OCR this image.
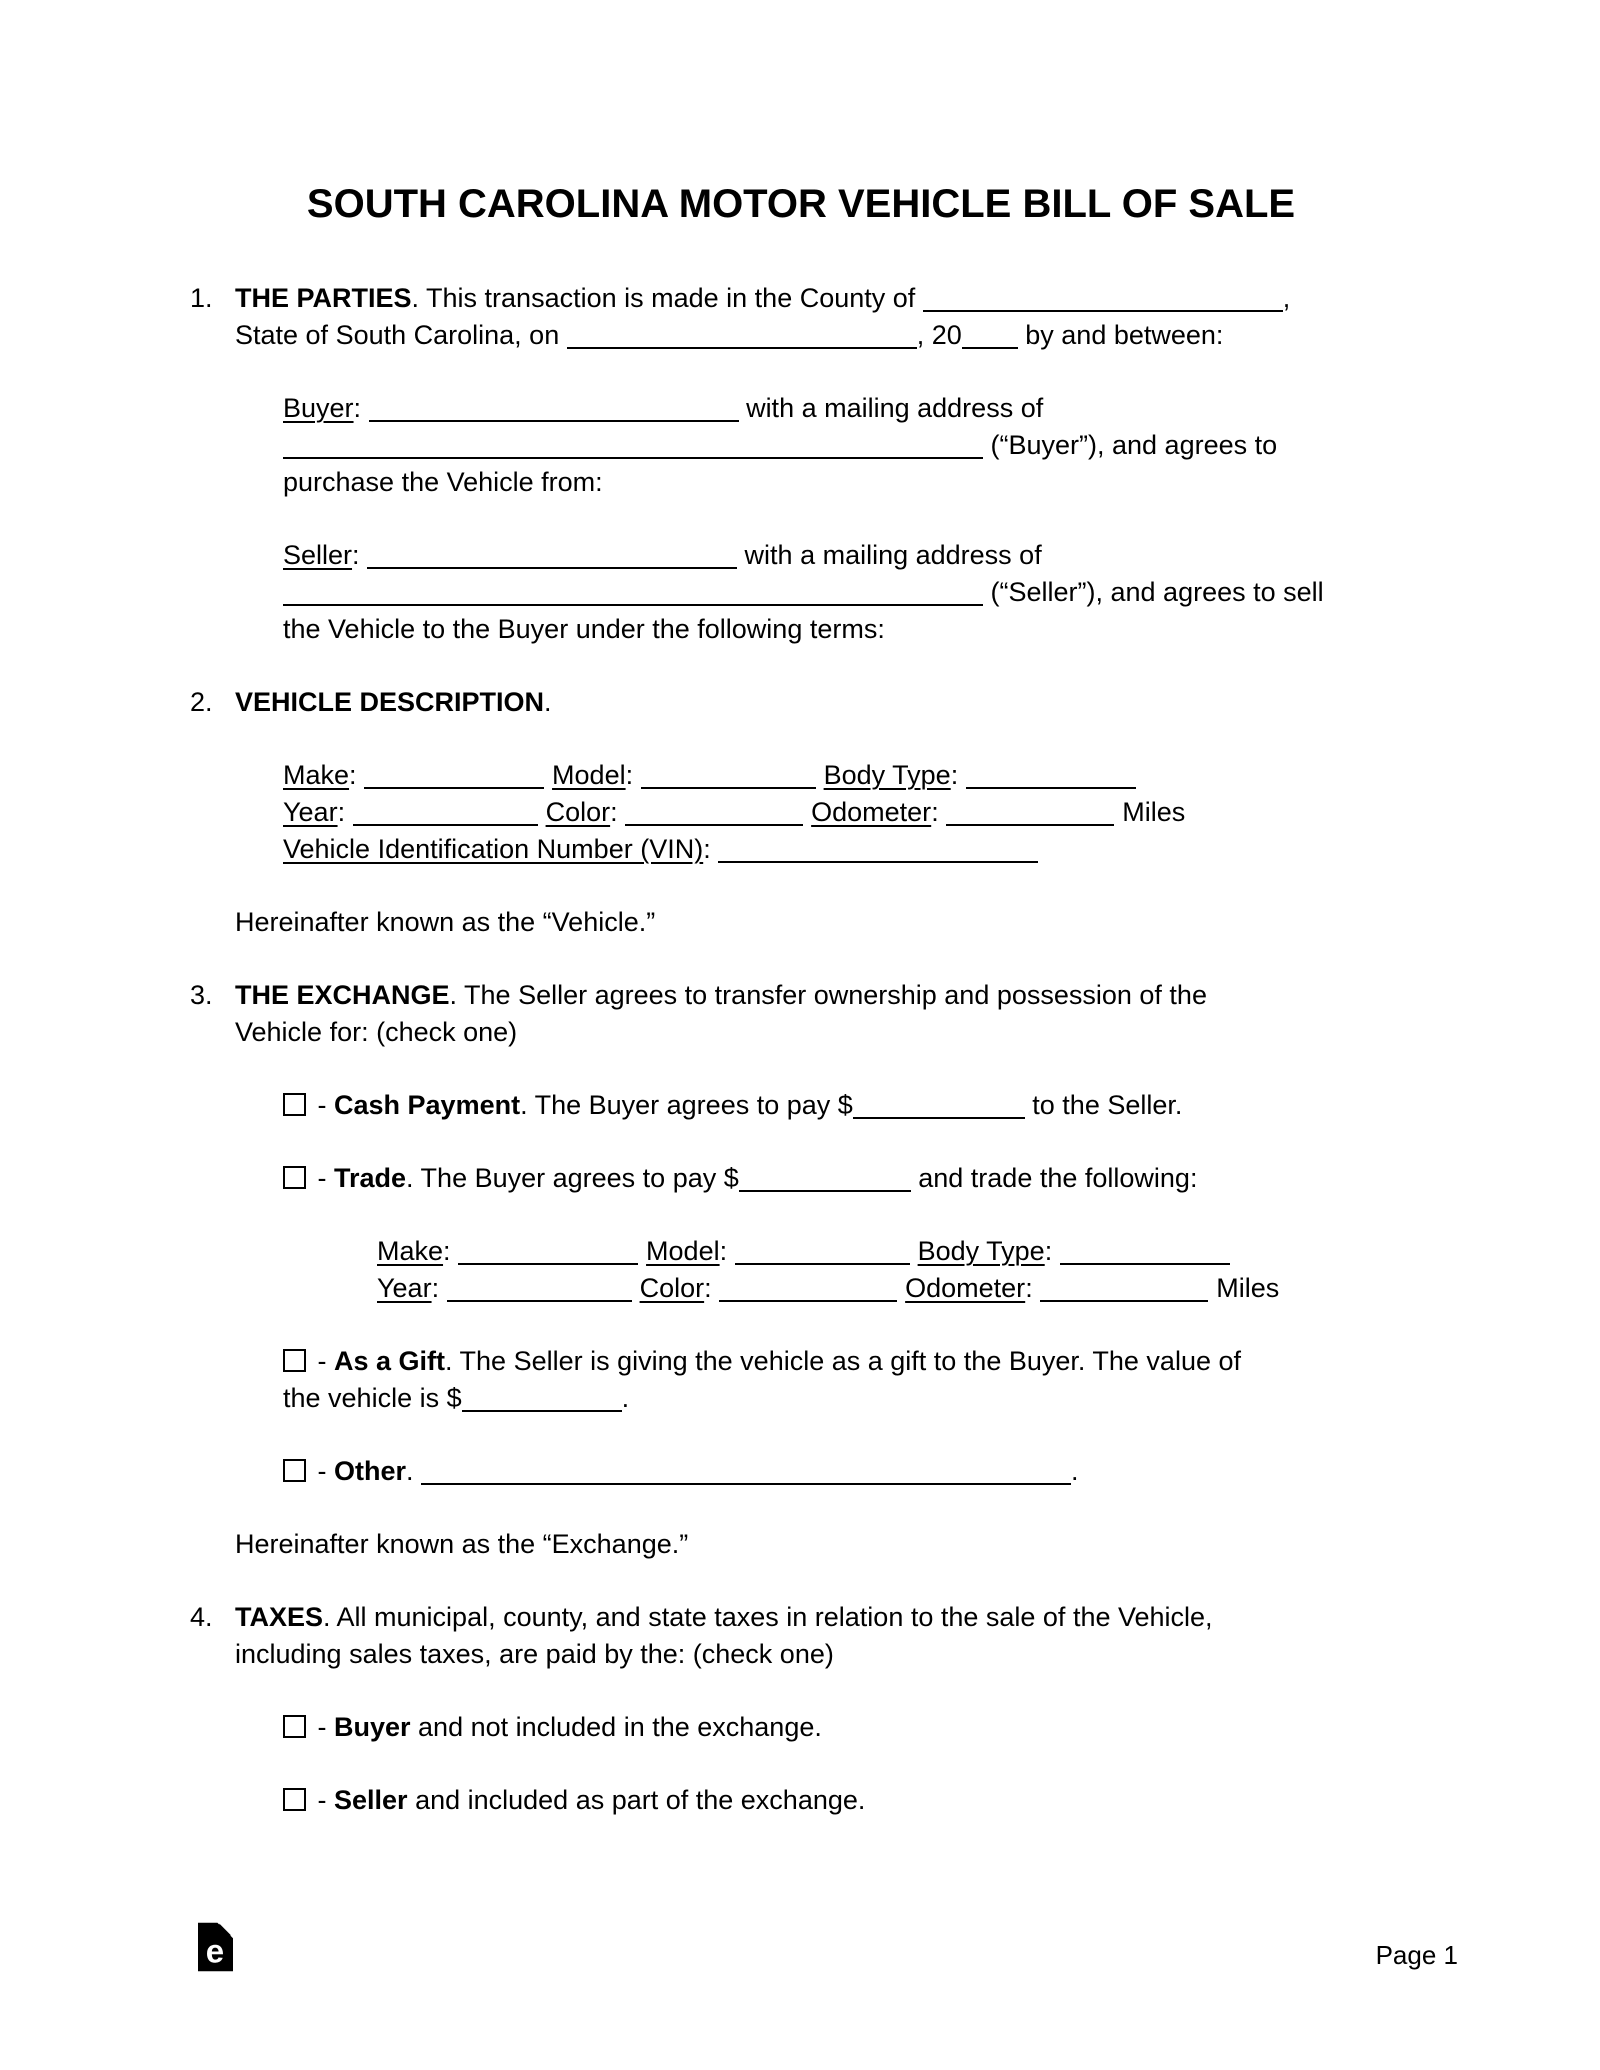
SOUTH CAROLINA MOTOR VEHICLE BILL OF SALE
1. THE PARTIES. This transaction is made in the County of	,
State of South Carolina, on	, 20 by and between:

Buyer:	with a mailing address of
(“Buyer”), and agrees to
purchase the Vehicle from:

Seller:	with a mailing address of
(“Seller”), and agrees to sell
the Vehicle to the Buyer under the following terms:

2. VEHICLE DESCRIPTION.

Make:	Model:	Body Type:
Year:	Color:	Odometer:	Miles
Vehicle Identification Number (VIN):

Hereinafter known as the “Vehicle.”

3. THE EXCHANGE. The Seller agrees to transfer ownership and possession of the
Vehicle for: (check one)

- Cash Payment. The Buyer agrees to pay $	to the Seller.

- Trade. The Buyer agrees to pay $	and trade the following:

Make:	Model:	Body Type:
Year:	Color:	Odometer:	Miles

- As a Gift. The Seller is giving the vehicle as a gift to the Buyer. The value of
the vehicle is $	.

- Other.	.

Hereinafter known as the “Exchange.”

4. TAXES. All municipal, county, and state taxes in relation to the sale of the Vehicle,
including sales taxes, are paid by the: (check one)

- Buyer and not included in the exchange.

- Seller and included as part of the exchange.

e	Page 1
